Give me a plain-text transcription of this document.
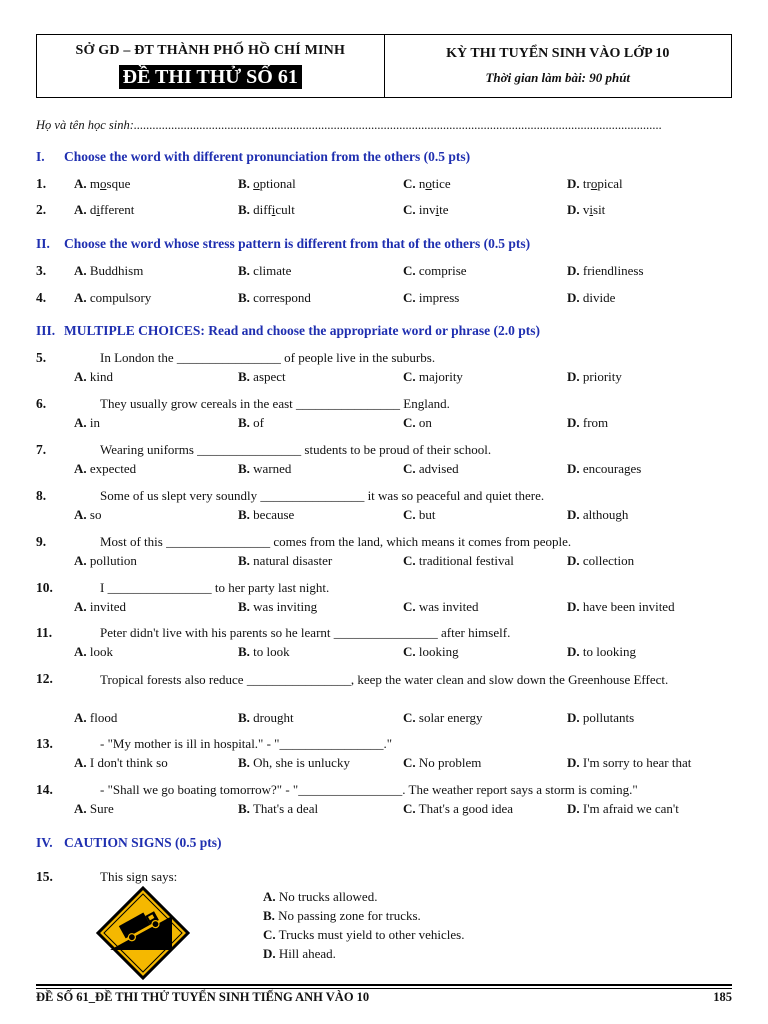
SỞ GD – ĐT THÀNH PHỐ HỒ CHÍ MINH
ĐỀ THI THỬ SỐ 61
KỲ THI TUYỂN SINH VÀO LỚP 10
Thời gian làm bài: 90 phút
Họ và tên học sinh:.........................................................................................................................................................................
I. Choose the word with different pronunciation from the others (0.5 pts)
1. A. mosque	B. optional	C. notice	D. tropical
2. A. different	B. difficult	C. invite	D. visit
II. Choose the word whose stress pattern is different from that of the others (0.5 pts)
3. A. Buddhism	B. climate	C. comprise	D. friendliness
4. A. compulsory	B. correspond	C. impress	D. divide
III. MULTIPLE CHOICES: Read and choose the appropriate word or phrase (2.0 pts)
5.	In London the ________________ of people live in the suburbs.
A. kind	B. aspect	C. majority	D. priority
6.	They usually grow cereals in the east ________________ England.
A. in	B. of	C. on	D. from
7.	Wearing uniforms ________________ students to be proud of their school.
A. expected	B. warned	C. advised	D. encourages
8.	Some of us slept very soundly ________________ it was so peaceful and quiet there.
A. so	B. because	C. but	D. although
9.	Most of this ________________ comes from the land, which means it comes from people.
A. pollution	B. natural disaster	C. traditional festival	D. collection
10.	I ________________ to her party last night.
A. invited	B. was inviting	C. was invited	D. have been invited
11.	Peter didn't live with his parents so he learnt ________________ after himself.
A. look	B. to look	C. looking	D. to looking
12.	Tropical forests also reduce ________________, keep the water clean and slow down the Greenhouse Effect.
A. flood	B. drought	C. solar energy	D. pollutants
13.	- "My mother is ill in hospital." - "________________."
A. I don't think so	B. Oh, she is unlucky	C. No problem	D. I'm sorry to hear that
14.	- "Shall we go boating tomorrow?" - "________________. The weather report says a storm is coming."
A. Sure	B. That's a deal	C. That's a good idea	D. I'm afraid we can't
IV. CAUTION SIGNS (0.5 pts)
15.	This sign says:
A. No trucks allowed.
B. No passing zone for trucks.
C. Trucks must yield to other vehicles.
D. Hill ahead.
ĐỀ SỐ 61_ĐỀ THI THỬ TUYỂN SINH TIẾNG ANH VÀO 10	185
